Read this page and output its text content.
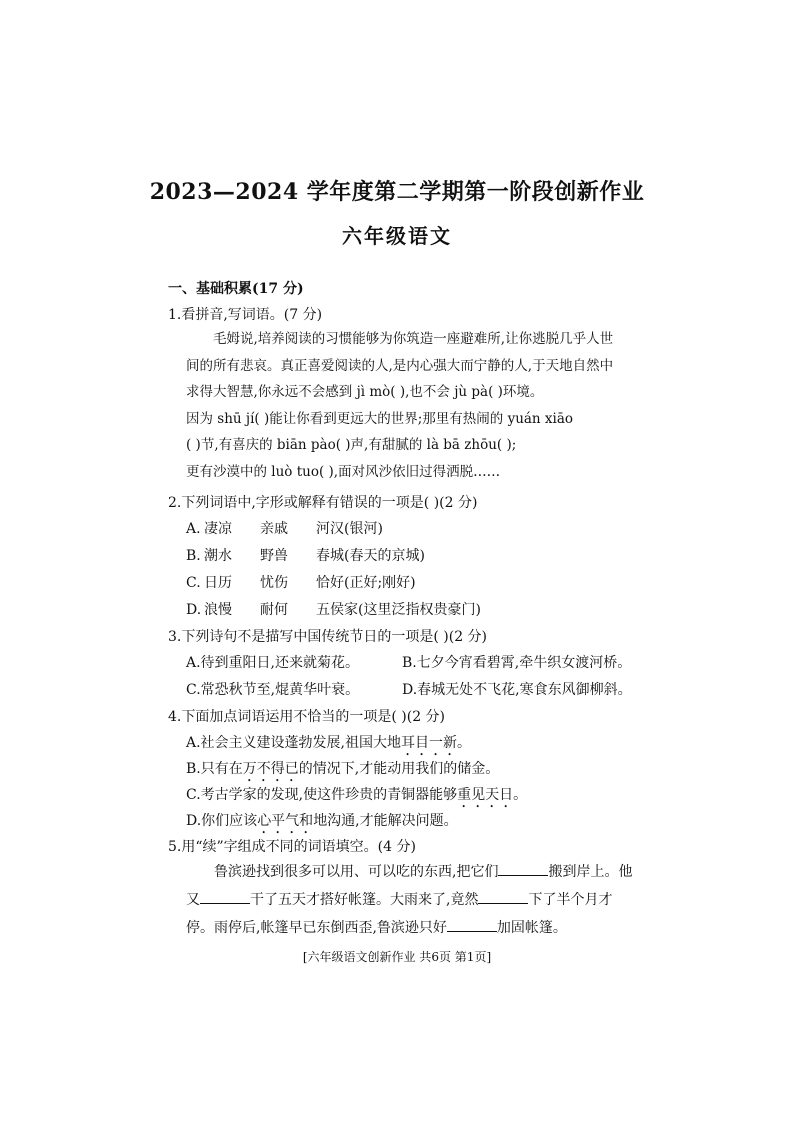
2023—2024 学年度第二学期第一阶段创新作业
六年级语文
一、基础积累(17 分)
1.看拼音,写词语。(7 分)

毛姆说,培养阅读的习惯能够为你筑造一座避难所,让你逃脱几乎人世

间的所有悲哀。真正喜爱阅读的人,是内心强大而宁静的人,于天地自然中

求得大智慧,你永远不会感到 jì mò( ),也不会 jù pà( )环境。

因为 shū jí( )能让你看到更远大的世界;那里有热闹的 yuán xiāo

( )节,有喜庆的 biān pào( )声,有甜腻的 là bā zhōu( );

更有沙漠中的 luò tuo( ),面对风沙依旧过得洒脱……

2.下列词语中,字形或解释有错误的一项是( )(2 分)
A. 凄凉 亲戚 河汉(银河)
B. 潮水 野兽 春城(春天的京城)
C. 日历 忧伤 恰好(正好;刚好)
D. 浪慢 耐何 五侯家(这里泛指权贵豪门)
3.下列诗句不是描写中国传统节日的一项是( )(2 分)
A.待到重阳日,还来就菊花。	B.七夕今宵看碧霄,牵牛织女渡河桥。
C.常恐秋节至,焜黄华叶衰。	D.春城无处不飞花,寒食东风御柳斜。
4.下面加点词语运用不恰当的一项是( )(2 分)
A.社会主义建设蓬勃发展,祖国大地耳目一新。
B.只有在万不得已的情况下,才能动用我们的储金。
C.考古学家的发现,使这件珍贵的青铜器能够重见天日。
D.你们应该心平气和地沟通,才能解决问题。
5.用“续”字组成不同的词语填空。(4 分)

鲁滨逊找到很多可以用、可以吃的东西,把它们	搬到岸上。他

又	干了五天才搭好帐篷。大雨来了,竟然	下了半个月才

停。雨停后,帐篷早已东倒西歪,鲁滨逊只好	加固帐篷。

[六年级语文创新作业 共6页 第1页]
